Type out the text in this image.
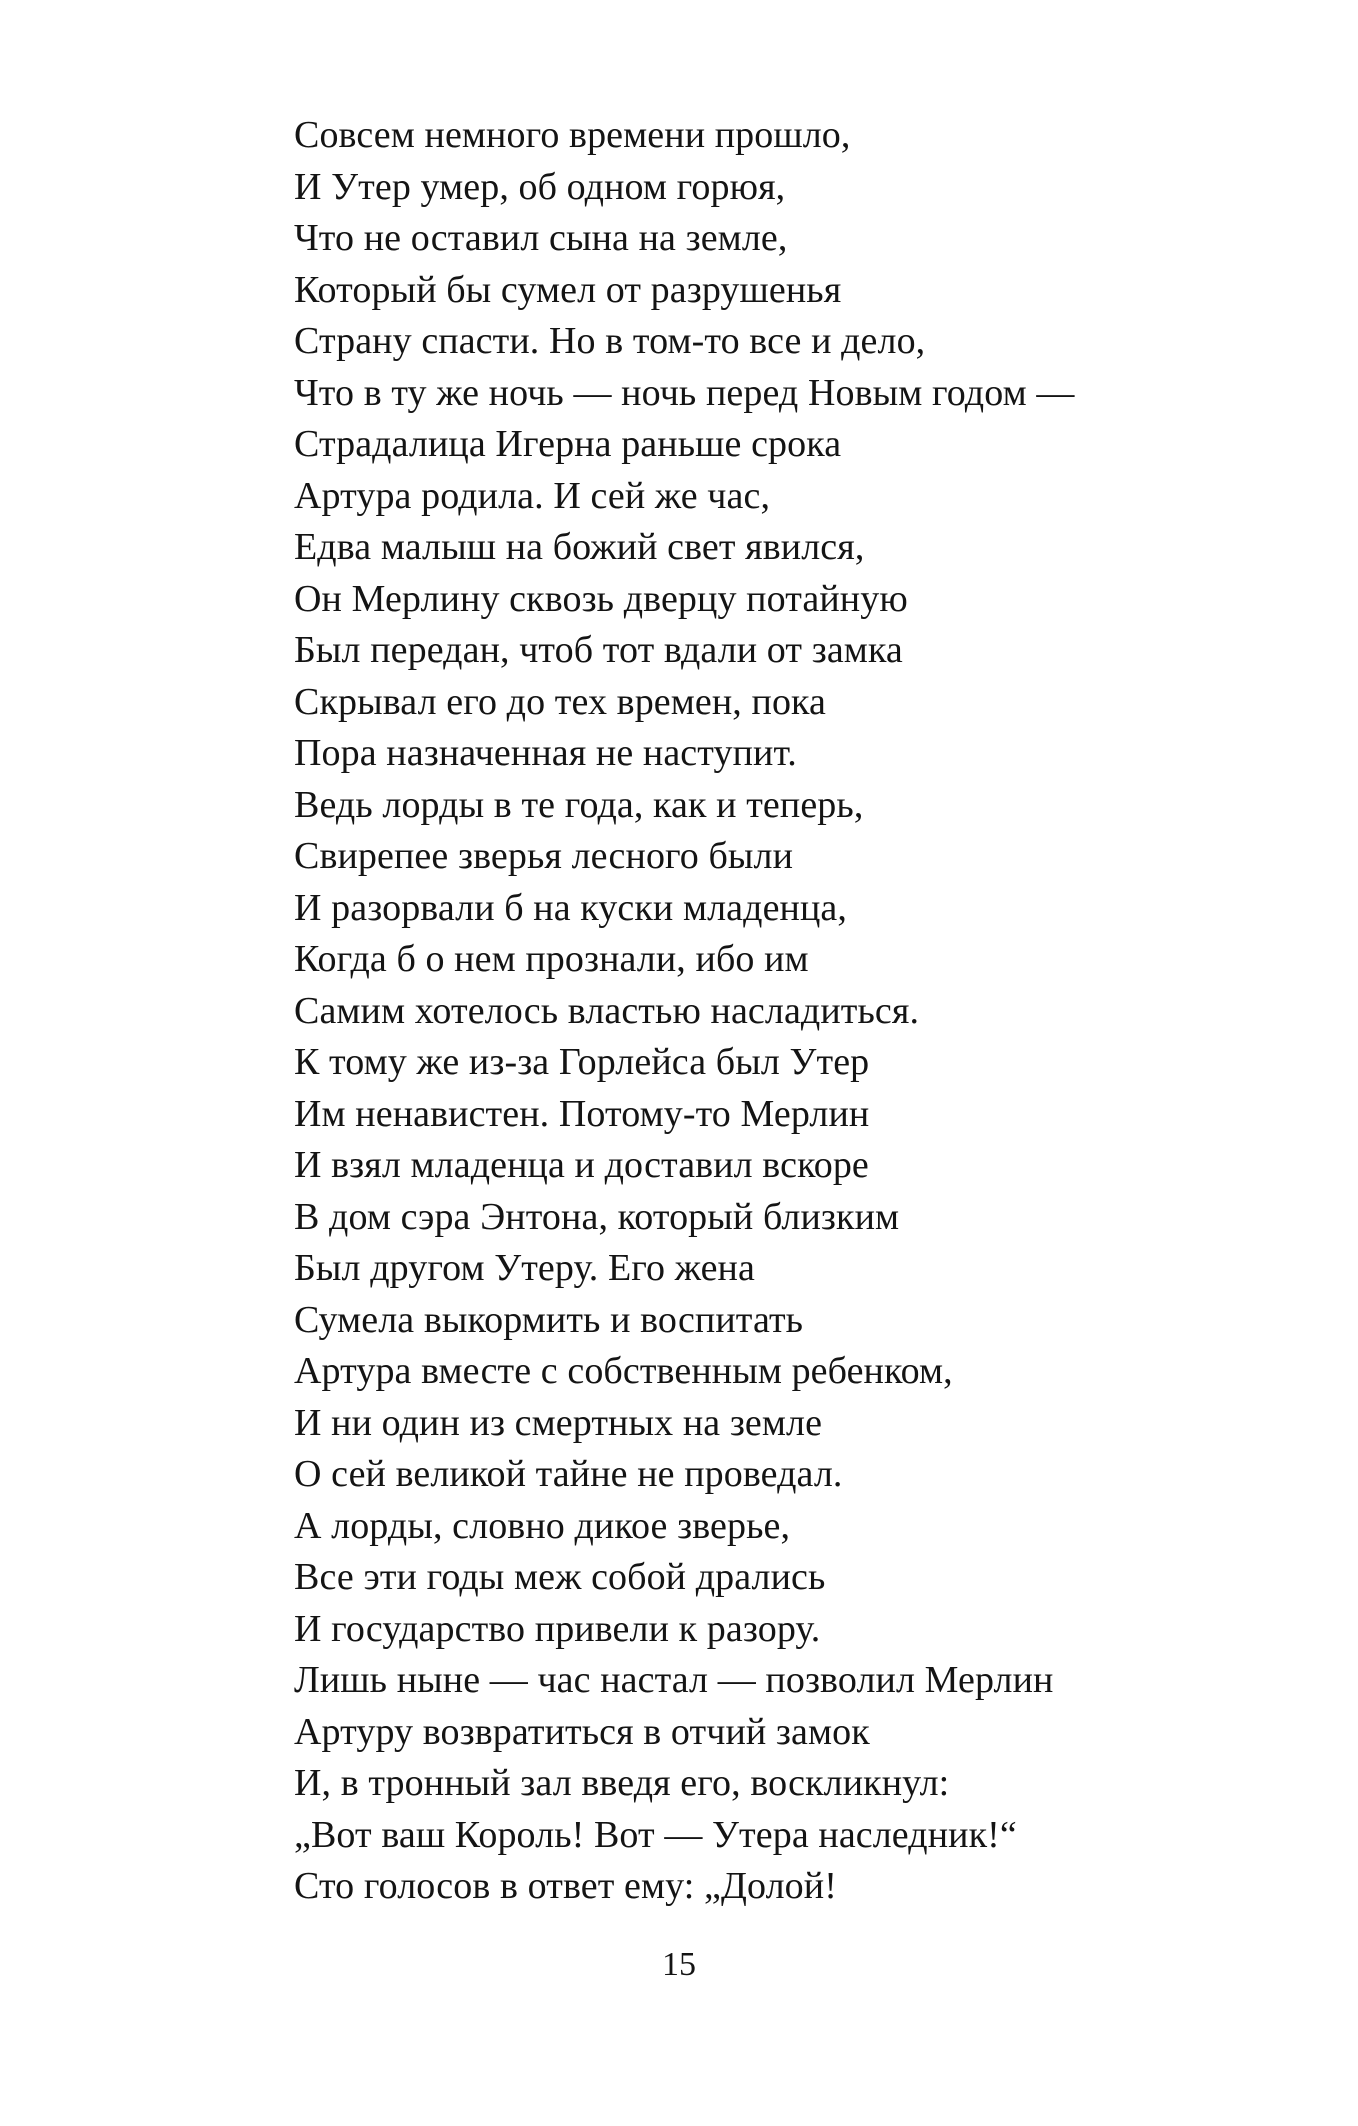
Совсем немного времени прошло,
И Утер умер, об одном горюя,
Что не оставил сына на земле,
Который бы сумел от разрушенья
Страну спасти. Но в том-то все и дело,
Что в ту же ночь — ночь перед Новым годом —
Страдалица Игерна раньше срока
Артура родила. И сей же час,
Едва малыш на божий свет явился,
Он Мерлину сквозь дверцу потайную
Был передан, чтоб тот вдали от замка
Скрывал его до тех времен, пока
Пора назначенная не наступит.
Ведь лорды в те года, как и теперь,
Свирепее зверья лесного были
И разорвали б на куски младенца,
Когда б о нем прознали, ибо им
Самим хотелось властью насладиться.
К тому же из-за Горлейса был Утер
Им ненавистен. Потому-то Мерлин
И взял младенца и доставил вскоре
В дом сэра Энтона, который близким
Был другом Утеру. Его жена
Сумела выкормить и воспитать
Артура вместе с собственным ребенком,
И ни один из смертных на земле
О сей великой тайне не проведал.
А лорды, словно дикое зверье,
Все эти годы меж собой дрались
И государство привели к разору.
Лишь ныне — час настал — позволил Мерлин
Артуру возвратиться в отчий замок
И, в тронный зал введя его, воскликнул:
„Вот ваш Король! Вот — Утера наследник!“
Сто голосов в ответ ему: „Долой!
15
